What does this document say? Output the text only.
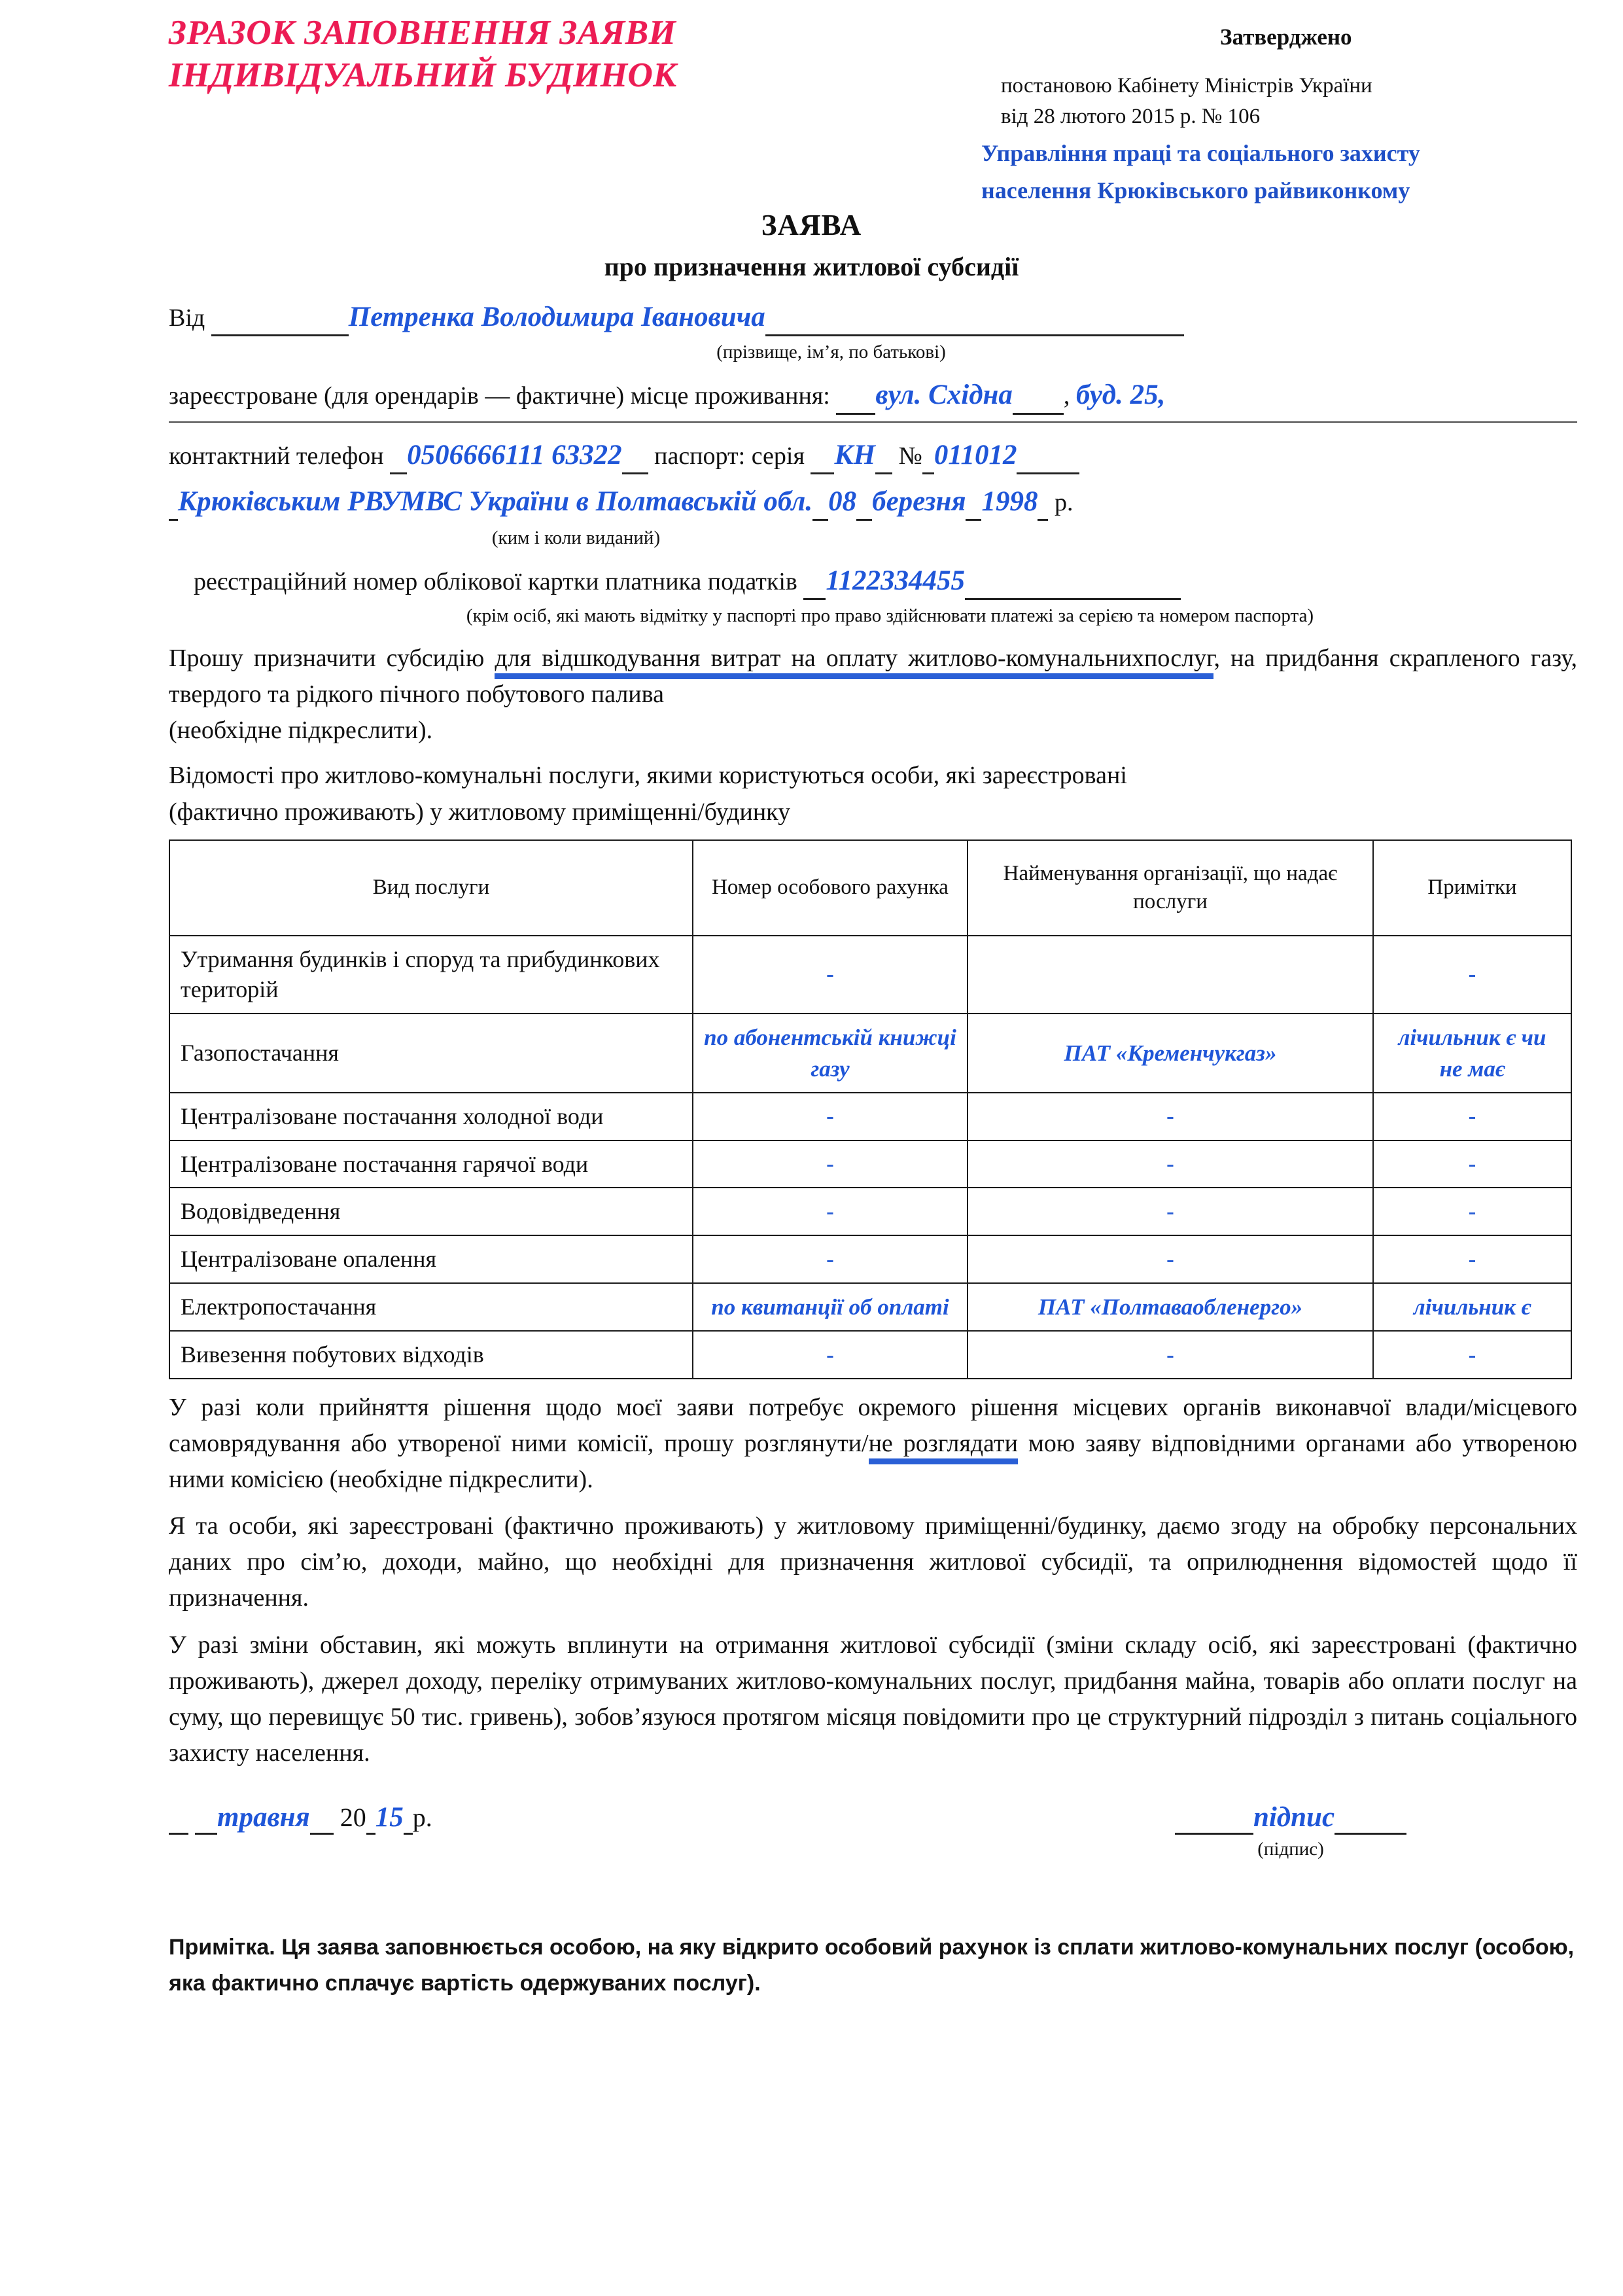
ЗРАЗОК ЗАПОВНЕННЯ ЗАЯВИ
ІНДИВІДУАЛЬНИЙ БУДИНОК
Затверджено
постановою Кабінету Міністрів України
від 28 лютого 2015 р. № 106
Управління праці та соціального захисту
населення Крюківського райвиконкому
ЗАЯВА
про призначення житлової субсидії
Від	Петренка Володимира Івановича
(прізвище, ім’я, по батькові)
зареєстроване (для орендарів — фактичне) місце проживання: вул. Східна , буд. 25,
контактний телефон 0506666111 63322 паспорт: серія КН № 011012
Крюківським РВУМВС України в Полтавській обл. 08 березня 1998 р.
(ким і коли виданий)
реєстраційний номер облікової картки платника податків 1122334455
(крім осіб, які мають відмітку у паспорті про право здійснювати платежі за серією та номером паспорта)
Прошу призначити субсидію для відшкодування витрат на оплату житлово-комунальнихпослуг, на придбання скрапленого газу, твердого та рідкого пічного побутового палива
(необхідне підкреслити).
Відомості про житлово-комунальні послуги, якими користуються особи, які зареєстровані
(фактично проживають) у житловому приміщенні/будинку
Вид послуги	Номер особового рахунка	Найменування організації, що надає послуги	Примітки
Утримання будинків і споруд та прибудинкових територій	-		-
Газопостачання	по абонентській книжці газу	ПАТ «Кременчукгаз»	лічильник є чи не має
Централізоване постачання холодної води	-	-	-
Централізоване постачання гарячої води	-	-	-
Водовідведення	-	-	-
Централізоване опалення	-	-	-
Електропостачання	по квитанції об оплаті	ПАТ «Полтаваобленерго»	лічильник є
Вивезення побутових відходів	-	-	-
У разі коли прийняття рішення щодо моєї заяви потребує окремого рішення місцевих органів виконавчої влади/місцевого самоврядування або утвореної ними комісії, прошу розглянути/не розглядати мою заяву відповідними органами або утвореною ними комісією (необхідне підкреслити).
Я та особи, які зареєстровані (фактично проживають) у житловому приміщенні/будинку, даємо згоду на обробку персональних даних про сім’ю, доходи, майно, що необхідні для призначення житлової субсидії, та оприлюднення відомостей щодо її призначення.
У разі зміни обставин, які можуть вплинути на отримання житлової субсидії (зміни складу осіб, які зареєстровані (фактично проживають), джерел доходу, переліку отримуваних житлово-комунальних послуг, придбання майна, товарів або оплати послуг на суму, що перевищує 50 тис. гривень), зобов’язуюся протягом місяця повідомити про це структурний підрозділ з питань соціального захисту населення.
травня 20 15 р.	підпис
(підпис)
Примітка. Ця заява заповнюється особою, на яку відкрито особовий рахунок із сплати житлово-комунальних послуг (особою, яка фактично сплачує вартість одержуваних послуг).
